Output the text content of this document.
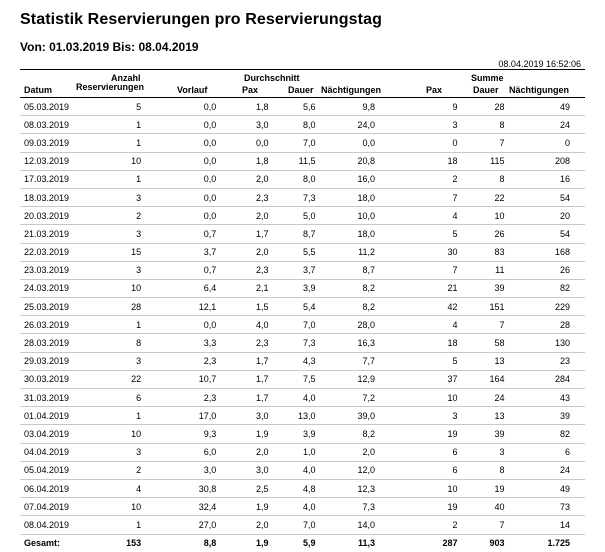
Statistik Reservierungen pro Reservierungstag
Von: 01.03.2019 Bis: 08.04.2019
08.04.2019 16:52:06
Datum
Anzahl
Reservierungen	Vorlauf
Durchschnitt
Pax	Dauer Nächtigungen
Summe
Pax	Dauer Nächtigungen
05.03.2019	5	0,0	1,8	5,6	9,8	9	28	49
08.03.2019	1	0,0	3,0	8,0	24,0	3	8	24
09.03.2019	1	0,0	0,0	7,0	0,0	0	7	0
12.03.2019	10	0,0	1,8	11,5	20,8	18	115	208
17.03.2019	1	0,0	2,0	8,0	16,0	2	8	16
18.03.2019	3	0,0	2,3	7,3	18,0	7	22	54
20.03.2019	2	0,0	2,0	5,0	10,0	4	10	20
21.03.2019	3	0,7	1,7	8,7	18,0	5	26	54
22.03.2019	15	3,7	2,0	5,5	11,2	30	83	168
23.03.2019	3	0,7	2,3	3,7	8,7	7	11	26
24.03.2019	10	6,4	2,1	3,9	8,2	21	39	82
25.03.2019	28	12,1	1,5	5,4	8,2	42	151	229
26.03.2019	1	0,0	4,0	7,0	28,0	4	7	28
28.03.2019	8	3,3	2,3	7,3	16,3	18	58	130
29.03.2019	3	2,3	1,7	4,3	7,7	5	13	23
30.03.2019	22	10,7	1,7	7,5	12,9	37	164	284
31.03.2019	6	2,3	1,7	4,0	7,2	10	24	43
01.04.2019	1	17,0	3,0	13,0	39,0	3	13	39
03.04.2019	10	9,3	1,9	3,9	8,2	19	39	82
04.04.2019	3	6,0	2,0	1,0	2,0	6	3	6
05.04.2019	2	3,0	3,0	4,0	12,0	6	8	24
06.04.2019	4	30,8	2,5	4,8	12,3	10	19	49
07.04.2019	10	32,4	1,9	4,0	7,3	19	40	73
08.04.2019	1	27,0	2,0	7,0	14,0	2	7	14
Gesamt:	153	8,8	1,9	5,9	11,3	287	903	1.725
